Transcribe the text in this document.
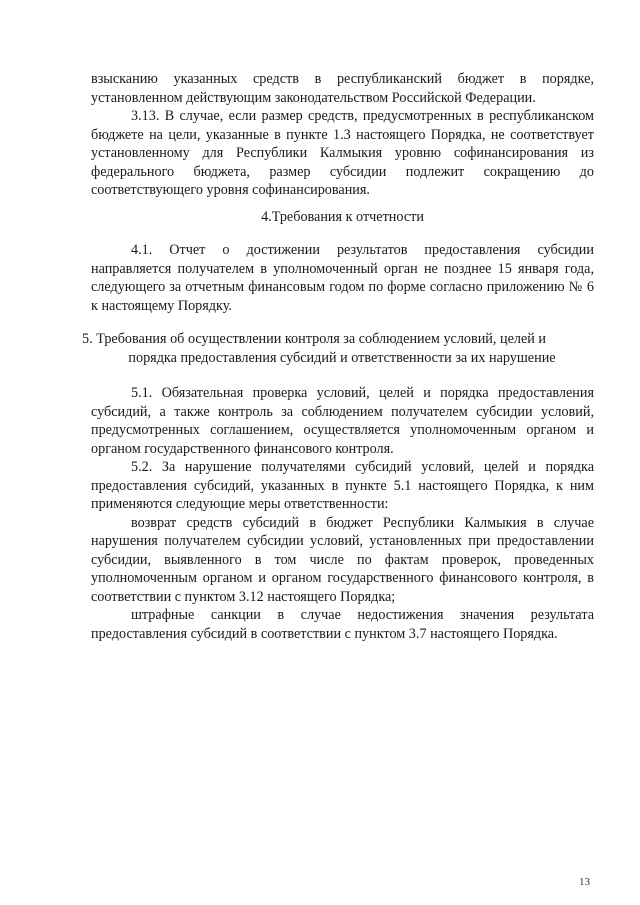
взысканию указанных средств в республиканский бюджет в порядке, установленном действующим законодательством Российской Федерации.

3.13. В случае, если размер средств, предусмотренных в республиканском бюджете на цели, указанные в пункте 1.3 настоящего Порядка, не соответствует установленному для Республики Калмыкия уровню софинансирования из федерального бюджета, размер субсидии подлежит сокращению до соответствующего уровня софинансирования.

4.Требования к отчетности

4.1. Отчет о достижении результатов предоставления субсидии направляется получателем в уполномоченный орган не позднее 15 января года, следующего за отчетным финансовым годом по форме согласно приложению № 6 к настоящему Порядку.

5. Требования об осуществлении контроля за соблюдением условий, целей и
порядка предоставления субсидий и ответственности за их нарушение

5.1. Обязательная проверка условий, целей и порядка предоставления субсидий, а также контроль за соблюдением получателем субсидии условий, предусмотренных соглашением, осуществляется уполномоченным органом и органом государственного финансового контроля.

5.2. За нарушение получателями субсидий условий, целей и порядка предоставления субсидий, указанных в пункте 5.1 настоящего Порядка, к ним применяются следующие меры ответственности:

возврат средств субсидий в бюджет Республики Калмыкия в случае нарушения получателем субсидии условий, установленных при предоставлении субсидии, выявленного в том числе по фактам проверок, проведенных уполномоченным органом и органом государственного финансового контроля, в соответствии с пунктом 3.12 настоящего Порядка;

штрафные санкции в случае недостижения значения результата предоставления субсидий в соответствии с пунктом 3.7 настоящего Порядка.

13
